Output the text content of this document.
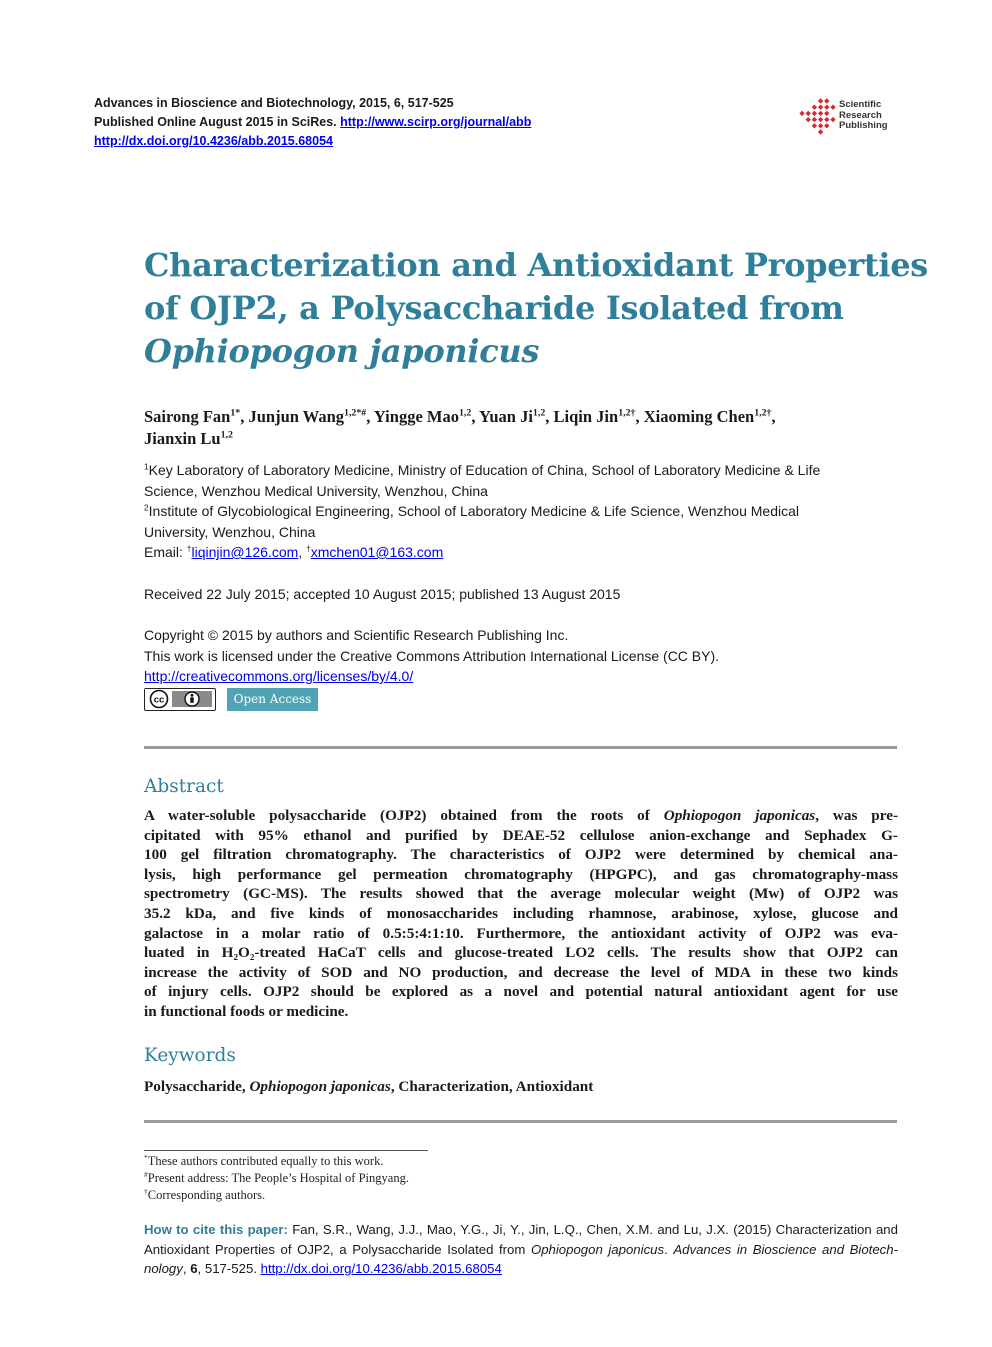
Advances in Bioscience and Biotechnology, 2015, 6, 517-525
Published Online August 2015 in SciRes. http://www.scirp.org/journal/abb
http://dx.doi.org/10.4236/abb.2015.68054
Scientific
Research
Publishing
Characterization and Antioxidant Properties
of OJP2, a Polysaccharide Isolated from
Ophiopogon japonicus
Sairong Fan$^{1*}$, Junjun Wang$^{1,2*\#}$, Yingge Mao$^{1,2}$, Yuan Ji$^{1,2}$, Liqin Jin$^{1,2\dagger}$, Xiaoming Chen$^{1,2\dagger}$,
Jianxin Lu$^{1,2}$
$^1$Key Laboratory of Laboratory Medicine, Ministry of Education of China, School of Laboratory Medicine & Life
Science, Wenzhou Medical University, Wenzhou, China
$^2$Institute of Glycobiological Engineering, School of Laboratory Medicine & Life Science, Wenzhou Medical
University, Wenzhou, China
Email: †liqinjin@126.com, †xmchen01@163.com
Received 22 July 2015; accepted 10 August 2015; published 13 August 2015
Copyright © 2015 by authors and Scientific Research Publishing Inc.
This work is licensed under the Creative Commons Attribution International License (CC BY).
http://creativecommons.org/licenses/by/4.0/
cc	Open Access
Abstract
A water-soluble polysaccharide (OJP2) obtained from the roots of Ophiopogon japonicas, was pre-
cipitated with 95% ethanol and purified by DEAE-52 cellulose anion-exchange and Sephadex G-
100 gel filtration chromatography. The characteristics of OJP2 were determined by chemical ana-
lysis, high performance gel permeation chromatography (HPGPC), and gas chromatography-mass
spectrometry (GC-MS). The results showed that the average molecular weight (Mw) of OJP2 was
35.2 kDa, and five kinds of monosaccharides including rhamnose, arabinose, xylose, glucose and
galactose in a molar ratio of 0.5:5:4:1:10. Furthermore, the antioxidant activity of OJP2 was eva-
luated in H₂O₂-treated HaCaT cells and glucose-treated LO2 cells. The results show that OJP2 can
increase the activity of SOD and NO production, and decrease the level of MDA in these two kinds
of injury cells. OJP2 should be explored as a novel and potential natural antioxidant agent for use
in functional foods or medicine.
Keywords
Polysaccharide, Ophiopogon japonicas, Characterization, Antioxidant
*These authors contributed equally to this work.
#Present address: The People’s Hospital of Pingyang.
†Corresponding authors.
How to cite this paper: Fan, S.R., Wang, J.J., Mao, Y.G., Ji, Y., Jin, L.Q., Chen, X.M. and Lu, J.X. (2015) Characterization and
Antioxidant Properties of OJP2, a Polysaccharide Isolated from Ophiopogon japonicus. Advances in Bioscience and Biotech-
nology, 6, 517-525. http://dx.doi.org/10.4236/abb.2015.68054
